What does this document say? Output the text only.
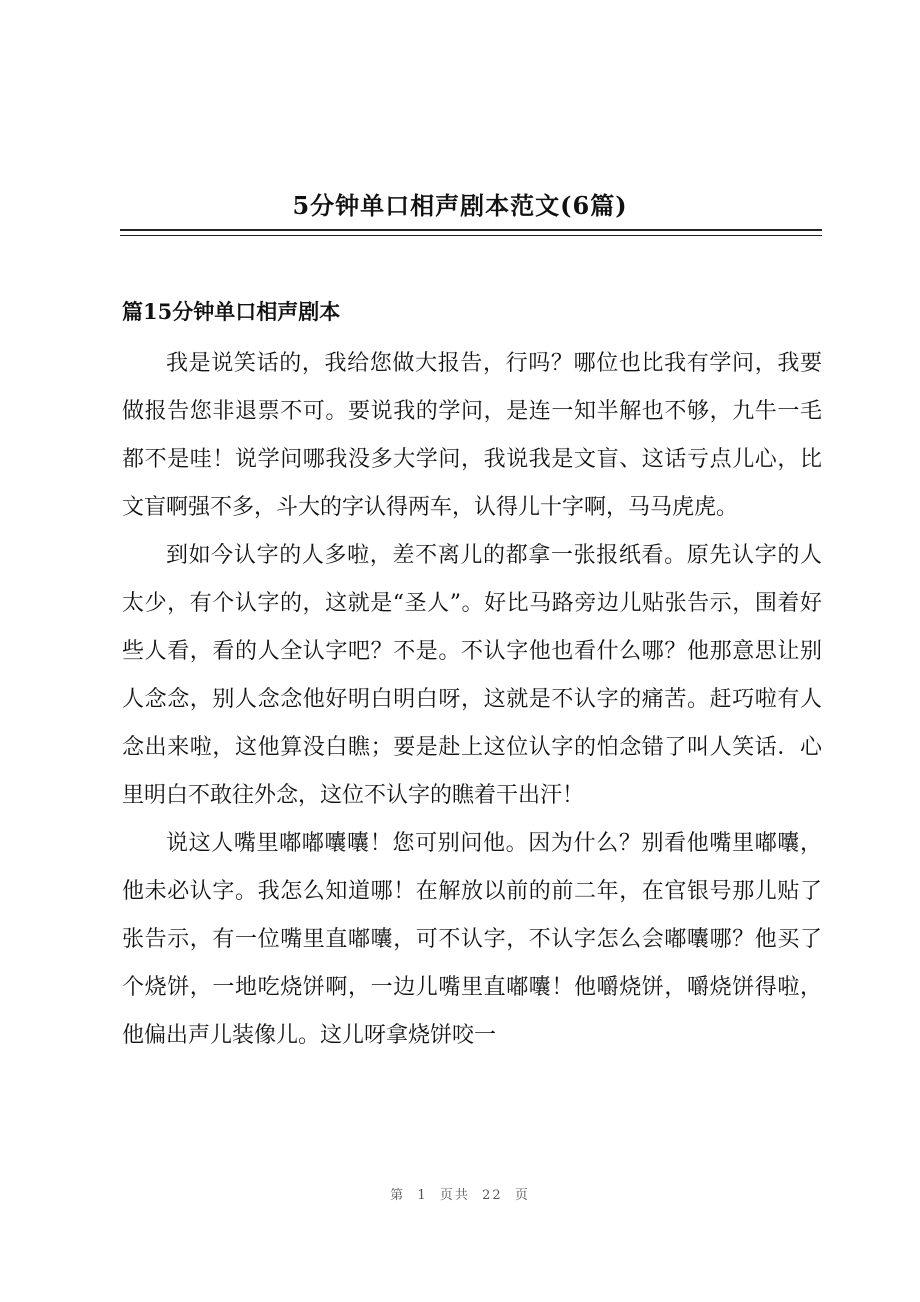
5分钟单口相声剧本范文(6篇)
篇15分钟单口相声剧本

我是说笑话的，我给您做大报告，行吗？哪位也比我有学问，我要做报告您非退票不可。要说我的学问，是连一知半解也不够，九牛一毛都不是哇！说学问哪我没多大学问，我说我是文盲、这话亏点儿心，比文盲啊强不多，斗大的字认得两车，认得儿十字啊，马马虎虎。

到如今认字的人多啦，差不离儿的都拿一张报纸看。原先认字的人太少，有个认字的，这就是“圣人”。好比马路旁边儿贴张告示，围着好些人看，看的人全认字吧？不是。不认字他也看什么哪？他那意思让别人念念，别人念念他好明白明白呀，这就是不认字的痛苦。赶巧啦有人念出来啦，这他算没白瞧；要是赴上这位认字的怕念错了叫人笑话．心里明白不敢往外念，这位不认字的瞧着干出汗！

说这人嘴里嘟嘟囔囔！您可别问他。因为什么？别看他嘴里嘟囔，他未必认字。我怎么知道哪！在解放以前的前二年，在官银号那儿贴了张告示，有一位嘴里直嘟囔，可不认字，不认字怎么会嘟囔哪？他买了个烧饼，一地吃烧饼啊，一边儿嘴里直嘟囔！他嚼烧饼，嚼烧饼得啦，他偏出声儿装像儿。这儿呀拿烧饼咬一

第  1  页共  22  页
